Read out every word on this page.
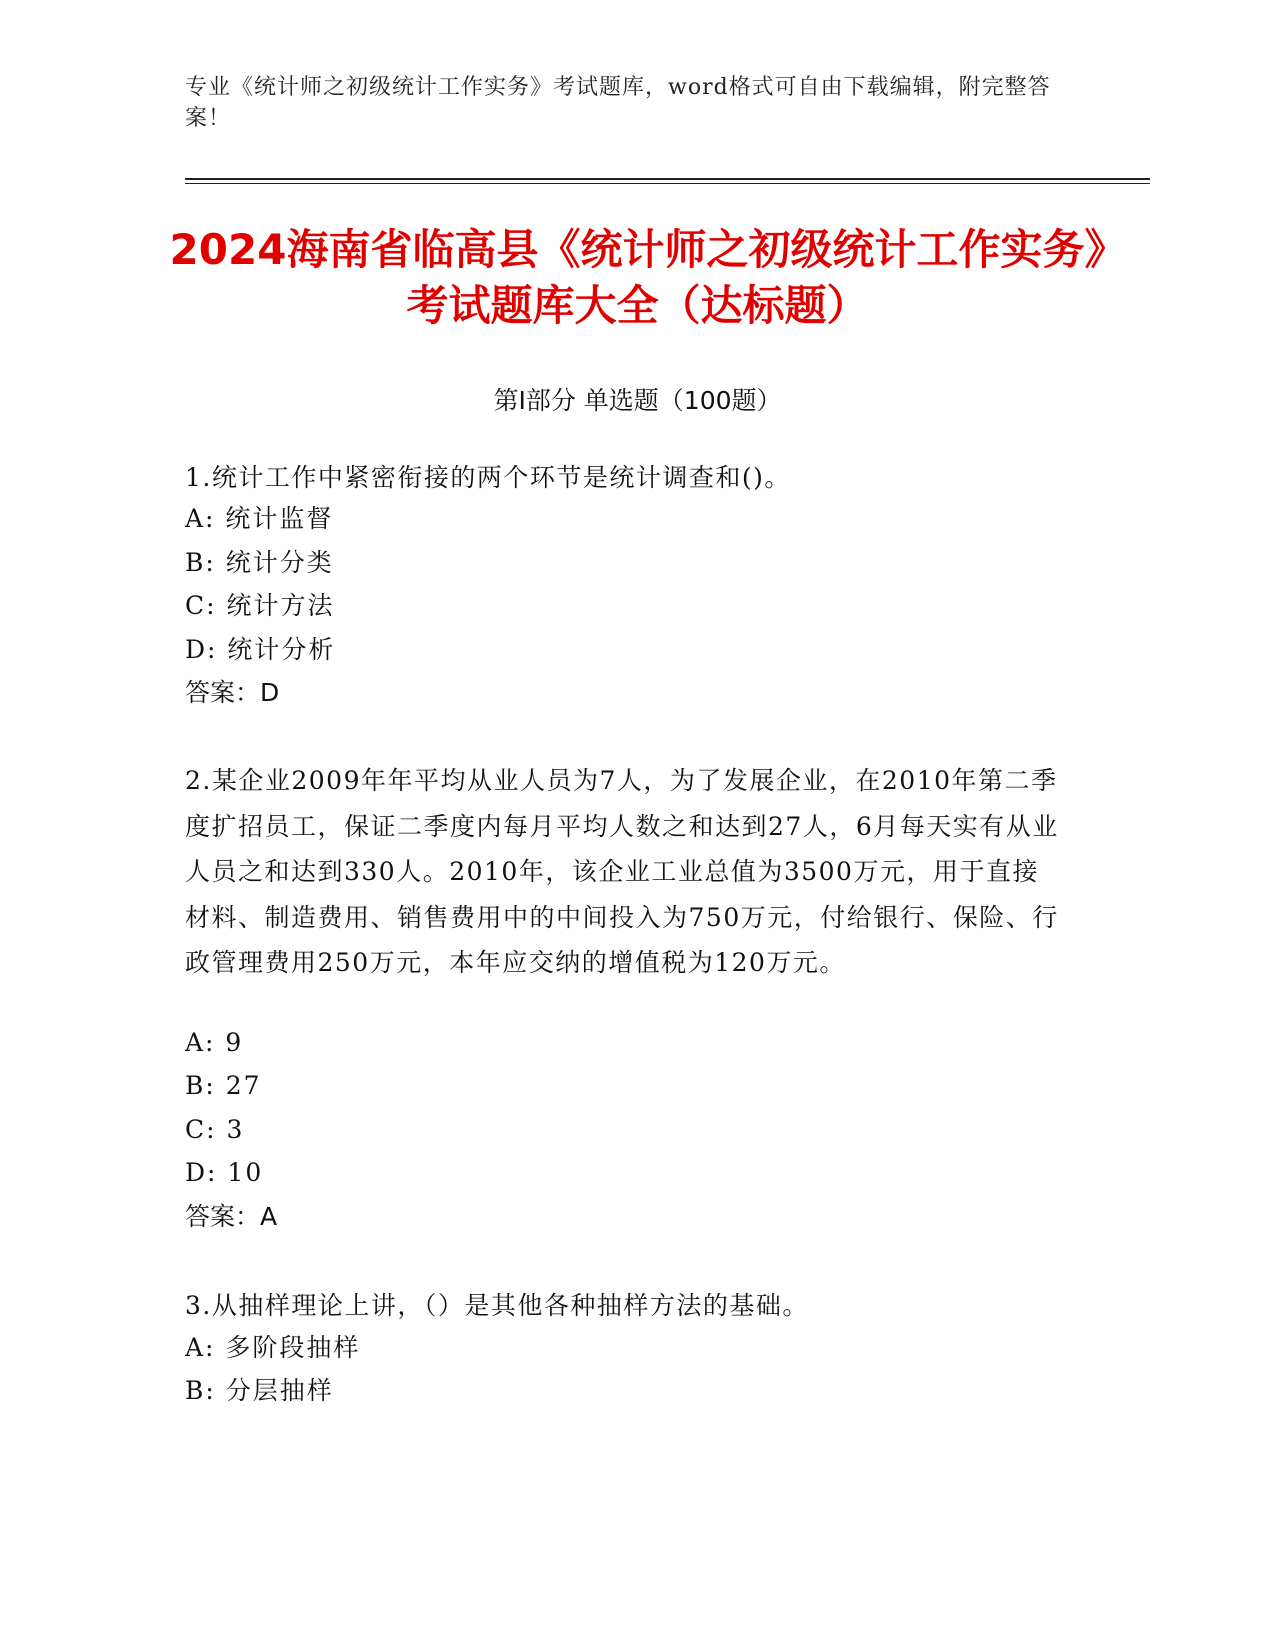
专业《统计师之初级统计工作实务》考试题库，word格式可自由下载编辑，附完整答案！
2024海南省临高县《统计师之初级统计工作实务》考试题库大全（达标题）
第I部分 单选题（100题）
1.统计工作中紧密衔接的两个环节是统计调查和()。
A: 统计监督
B: 统计分类
C: 统计方法
D: 统计分析
答案：D
2.某企业2009年年平均从业人员为7人，为了发展企业，在2010年第二季度扩招员工，保证二季度内每月平均人数之和达到27人，6月每天实有从业人员之和达到330人。2010年，该企业工业总值为3500万元，用于直接材料、制造费用、销售费用中的中间投入为750万元，付给银行、保险、行政管理费用250万元，本年应交纳的增值税为120万元。
A: 9
B: 27
C: 3
D: 10
答案：A
3.从抽样理论上讲，（）是其他各种抽样方法的基础。
A: 多阶段抽样
B: 分层抽样
